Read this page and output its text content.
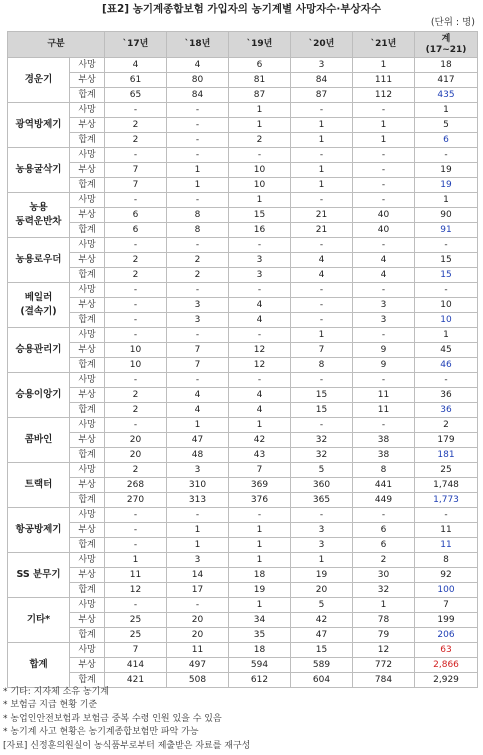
[표2] 농기계종합보험 가입자의 농기계별 사망자수·부상자수
(단위 : 명)
구분		`17년	`18년	`19년	`20년	`21년	계
(17~21)
경운기	사망	4	4	6	3	1	18
	부상	61	80	81	84	111	417
	합계	65	84	87	87	112	435
광역방제기	사망	-	-	1	-	-	1
	부상	2	-	1	1	1	5
	합계	2	-	2	1	1	6
농용굴삭기	사망	-	-	-	-	-	-
	부상	7	1	10	1	-	19
	합계	7	1	10	1	-	19
농용
동력운반차	사망	-	-	1	-	-	1
	부상	6	8	15	21	40	90
	합계	6	8	16	21	40	91
농용로우더	사망	-	-	-	-	-	-
	부상	2	2	3	4	4	15
	합계	2	2	3	4	4	15
베일러
(결속기)	사망	-	-	-	-	-	-
	부상	-	3	4	-	3	10
	합계	-	3	4	-	3	10
승용관리기	사망	-	-	-	1	-	1
	부상	10	7	12	7	9	45
	합계	10	7	12	8	9	46
승용이앙기	사망	-	-	-	-	-	-
	부상	2	4	4	15	11	36
	합계	2	4	4	15	11	36
콤바인	사망	-	1	1	-	-	2
	부상	20	47	42	32	38	179
	합계	20	48	43	32	38	181
트랙터	사망	2	3	7	5	8	25
	부상	268	310	369	360	441	1,748
	합계	270	313	376	365	449	1,773
항공방제기	사망	-	-	-	-	-	-
	부상	-	1	1	3	6	11
	합계	-	1	1	3	6	11
SS 분무기	사망	1	3	1	1	2	8
	부상	11	14	18	19	30	92
	합계	12	17	19	20	32	100
기타*	사망	-	-	1	5	1	7
	부상	25	20	34	42	78	199
	합계	25	20	35	47	79	206
합계	사망	7	11	18	15	12	63
	부상	414	497	594	589	772	2,866
	합계	421	508	612	604	784	2,929
* 기타: 지자체 소유 농기계
* 보험금 지급 현황 기준
* 농업인안전보험과 보험금 중복 수령 인원 있을 수 있음
* 농기계 사고 현황은 농기계종합보험만 파악 가능
[자료] 신정훈의원실이 농식품부로부터 제출받은 자료를 재구성
